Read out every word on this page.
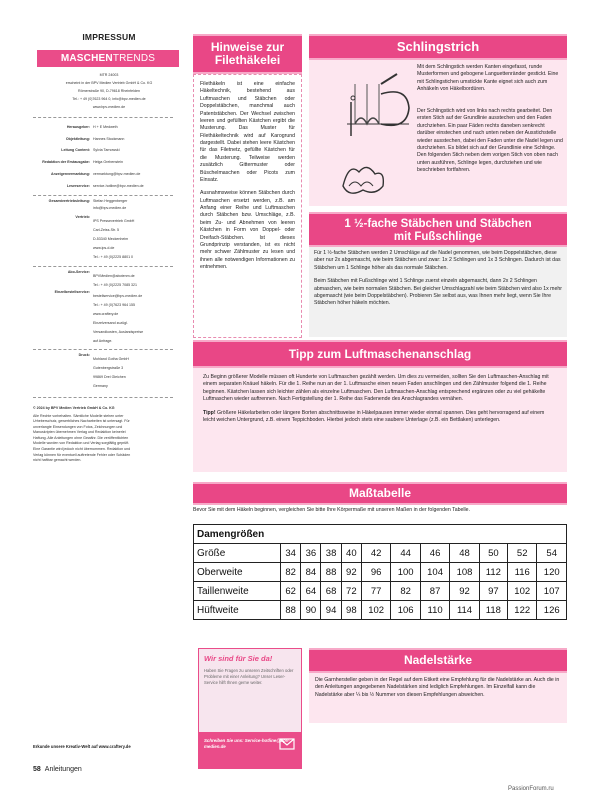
IMPRESSUM
MASCHENTRENDS
MTR 24003
erscheint in der BPV Medien Vertrieb GmbH & Co. KG
Römerstraße 90, D-79618 Rheinfelden
Tel.: + 49 (0)7623 964 0, info@bpv-medien.de
www.bpv-medien.de
Herausgeber: H + E Medweth
Objektleitung: Hannes Stockmann
Leitung Content: Sylvia Tarnowski
Redaktion der Erstausgabe: Helga Grebenstein
Anzeigenvermarktung: vermarktung@bpv-medien.de
Leserservice: service-hotline@bpv-medien.de
Gesamtvertriebsleitung: Stefan Heggenberger
info@bpv-medien.de
Vertrieb:
IPS Pressevertrieb GmbH
Carl-Zeiss-Str. 5
D-53340 Meckenheim
www.ips-d.de
Tel.: + 49 (0)2225 8801 0
Abo-Service:
BPVMedien@abotenm.de
Tel.: + 49 (0)2225 7085 321
Einzelbestellservice:
bestellservice@bpv-medien.de
Tel.: + 49 (0)7623 964 155
www.craftery.de
Einzelversand zuzügl.
Versandkosten, Auslandspreise
auf Anfrage.
Druck:
Mohland Gotha GmbH
Gutenbergstraße 3
99869 Drei Gleichen
Germany
© 2024 by BPV Medien Vertrieb GmbH & Co. KG
Alle Rechte vorbehalten. Sämtliche Modelle stehen unter
Urheberschutz, gewerbliches Nacharbeiten ist untersagt. Für
unverlangte Einsendungen von Fotos, Zeichnungen und
Manuskripten übernehmen Verlag und Redaktion keinerlei
Haftung. Alle Anleitungen ohne Gewähr. Die veröffentlichten
Modelle wurden von Redaktion und Verlag sorgfältig geprüft.
Eine Garantie wird jedoch nicht übernommen. Redaktion und
Verlag können für eventuell auftretende Fehler oder Schäden
nicht haftbar gemacht werden.
Erkunde unsere Kreativ-Welt auf www.craftery.de
58 Anleitungen
PassionForum.ru
Hinweise zur
Filethäkelei

Filethäkeln ist eine einfache Häkeltechnik, bestehend aus Luftmaschen und Stäbchen oder Doppelstäbchen, manchmal auch Patentstäbchen. Der Wechsel zwischen leeren und gefüllten Kästchen ergibt die Musterung. Das Muster für Filethäkeltechnik wird auf Karogrund dargestellt. Dabei stehen leere Kästchen für das Filetnetz, gefüllte Kästchen für die Musterung. Teilweise werden zusätzlich Gittermuster oder Büschelmaschen oder Picots zum Einsatz.

Ausnahmsweise können Stäbchen durch Luftmaschen ersetzt werden, z.B. am Anfang einer Reihe und Luftmaschen durch Stäbchen bzw. Umschläge, z.B. beim Zu- und Abnehmen von leeren Kästchen in Form von Doppel- oder Dreifach-Stäbchen. Ist dieses Grundprinzip verstanden, ist es nicht mehr schwer Zählmuster zu lesen und ihnen alle notwendigen Informationen zu entnehmen.

Schlingstrich

Mit dem Schlingstich werden Kanten eingefasst, runde Musterformen und gebogene Languettenränder gestickt. Eine mit Schlingstichen umstickte Kante eignet sich auch zum Anhäkeln von Häkelbordüren.

Der Schlingstich wird von links nach rechts gearbeitet. Den ersten Stich auf der Grundlinie ausstechen und den Faden durchziehen. Ein paar Fäden rechts daneben senkrecht darüber einstechen und nach unten neben der Ausstichstelle wieder ausstechen, dabei den Faden unter die Nadel legen und durchziehen. Es bildet sich auf der Grundlinie eine Schlinge. Den folgenden Stich neben dem vorigen Stich von oben nach unten ausführen, Schlinge legen, durchziehen und wie beschrieben fortfahren.

1 ½-fache Stäbchen und Stäbchen
mit Fußschlinge

Für 1 ½-fache Stäbchen werden 2 Umschläge auf die Nadel genommen, wie beim Doppelstäbchen, diese aber nur 2x abgemascht, wie beim Stäbchen und zwar: 1x 2 Schlingen und 1x 3 Schlingen. Dadurch ist das Stäbchen um 1 Schlinge höher als das normale Stäbchen.

Beim Stäbchen mit Fußschlinge wird 1 Schlinge zuerst einzeln abgemascht, dann 2x 2 Schlingen abmaschen, wie beim normalen Stäbchen. Bei gleicher Umschlagzahl wie beim Stäbchen wird also 1x mehr abgemascht (wie beim Doppelstäbchen). Probieren Sie selbst aus, was Ihnen mehr liegt, wenn Sie Ihre Stäbchen höher häkeln möchten.

Tipp zum Luftmaschenanschlag

Zu Beginn größerer Modelle müssen oft Hunderte von Luftmaschen gezählt werden. Um dies zu vermeiden, sollten Sie den Luftmaschen-Anschlag mit einem separaten Knäuel häkeln. Für die 1. Reihe nun an der 1. Luftmasche einen neuen Faden anschlingen und den Zählmuster folgend die 1. Reihe beginnen. Kästchen lassen sich leichter zählen als einzelne Luftmaschen. Den Luftmaschen-Anschlag entsprechend ergänzen oder zu viel gehäkelte Luftmaschen wieder auftrennen. Nach Fertigstellung der 1. Reihe das Fadenende des Anschlagrandes vernähen.

Tipp! Größere Häkelarbeiten oder längere Borten abschnittsweise in Häkelpausen immer wieder einmal spannen. Dies geht hervorragend auf einem leicht weichen Untergrund, z.B. einem Teppichboden. Hierbei jedoch stets eine saubere Unterlage (z.B. ein Bettlaken) unterlegen.

Maßtabelle

Bevor Sie mit dem Häkeln beginnen, vergleichen Sie bitte Ihre Körpermaße mit unseren Maßen in der folgenden Tabelle.

Damengrößen											
Größe	34	36	38	40	42	44	46	48	50	52	54
Oberweite	82	84	88	92	96	100	104	108	112	116	120
Taillenweite	62	64	68	72	77	82	87	92	97	102	107
Hüftweite	88	90	94	98	102	106	110	114	118	122	126
Wir sind für Sie da!
Haben Sie Fragen zu unseren Zeitschriften oder Probleme mit einer Anleitung? Unser Leser-Service hilft Ihnen gerne weiter.
Schreiben Sie uns: Service-hotline@bpv-medien.de
Nadelstärke

Die Garnhersteller geben in der Regel auf dem Etikett eine Empfehlung für die Nadelstärke an. Auch die in den Anleitungen angegebenen Nadelstärken sind lediglich Empfehlungen. Im Einzelfall kann die Nadelstärke aber ¼ bis ½ Nummer von diesen Empfehlungen abweichen.
